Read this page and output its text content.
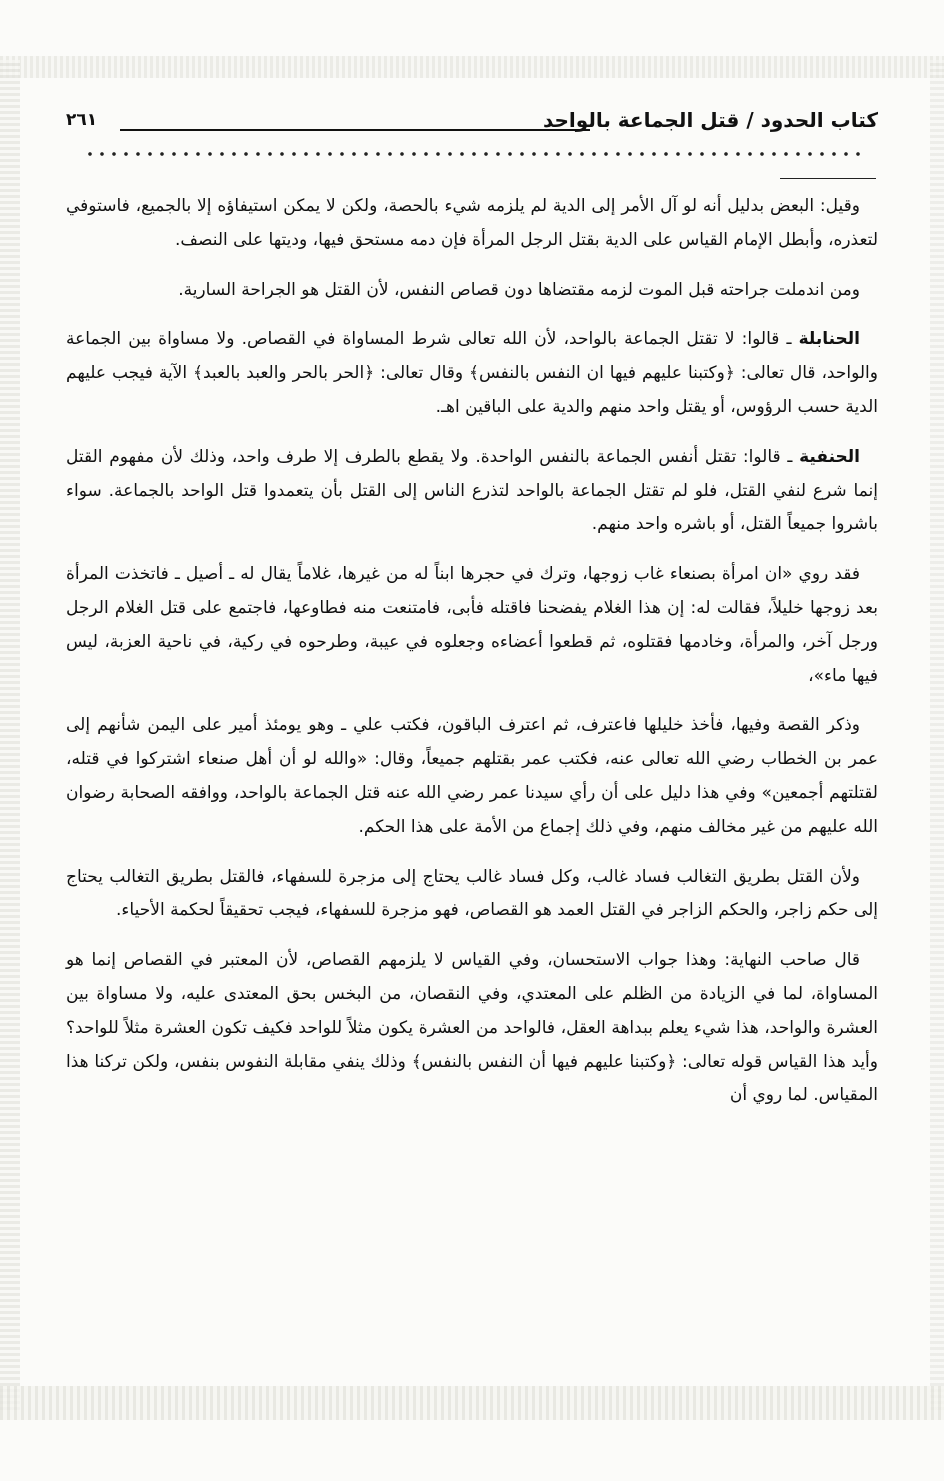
كتاب الحدود / قتل الجماعة بالواحد
٢٦١

وقيل: البعض بدليل أنه لو آل الأمر إلى الدية لم يلزمه شيء بالحصة، ولكن لا يمكن استيفاؤه إلا بالجميع، فاستوفي لتعذره، وأبطل الإمام القياس على الدية بقتل الرجل المرأة فإن دمه مستحق فيها، وديتها على النصف.

ومن اندملت جراحته قبل الموت لزمه مقتضاها دون قصاص النفس، لأن القتل هو الجراحة السارية.

الحنابلة ـ قالوا: لا تقتل الجماعة بالواحد، لأن الله تعالى شرط المساواة في القصاص. ولا مساواة بين الجماعة والواحد، قال تعالى: ﴿وكتبنا عليهم فيها ان النفس بالنفس﴾ وقال تعالى: ﴿الحر بالحر والعبد بالعبد﴾ الآية فيجب عليهم الدية حسب الرؤوس، أو يقتل واحد منهم والدية على الباقين اهـ.

الحنفية ـ قالوا: تقتل أنفس الجماعة بالنفس الواحدة. ولا يقطع بالطرف إلا طرف واحد، وذلك لأن مفهوم القتل إنما شرع لنفي القتل، فلو لم تقتل الجماعة بالواحد لتذرع الناس إلى القتل بأن يتعمدوا قتل الواحد بالجماعة. سواء باشروا جميعاً القتل، أو باشره واحد منهم.

فقد روي «ان امرأة بصنعاء غاب زوجها، وترك في حجرها ابناً له من غيرها، غلاماً يقال له ـ أصيل ـ فاتخذت المرأة بعد زوجها خليلاً، فقالت له: إن هذا الغلام يفضحنا فاقتله فأبى، فامتنعت منه فطاوعها، فاجتمع على قتل الغلام الرجل ورجل آخر، والمرأة، وخادمها فقتلوه، ثم قطعوا أعضاءه وجعلوه في عيبة، وطرحوه في ركية، في ناحية العزبة، ليس فيها ماء»،

وذكر القصة وفيها، فأخذ خليلها فاعترف، ثم اعترف الباقون، فكتب علي ـ وهو يومئذ أمير على اليمن شأنهم إلى عمر بن الخطاب رضي الله تعالى عنه، فكتب عمر بقتلهم جميعاً، وقال: «والله لو أن أهل صنعاء اشتركوا في قتله، لقتلتهم أجمعين» وفي هذا دليل على أن رأي سيدنا عمر رضي الله عنه قتل الجماعة بالواحد، ووافقه الصحابة رضوان الله عليهم من غير مخالف منهم، وفي ذلك إجماع من الأمة على هذا الحكم.

ولأن القتل بطريق التغالب فساد غالب، وكل فساد غالب يحتاج إلى مزجرة للسفهاء، فالقتل بطريق التغالب يحتاج إلى حكم زاجر، والحكم الزاجر في القتل العمد هو القصاص، فهو مزجرة للسفهاء، فيجب تحقيقاً لحكمة الأحياء.

قال صاحب النهاية: وهذا جواب الاستحسان، وفي القياس لا يلزمهم القصاص، لأن المعتبر في القصاص إنما هو المساواة، لما في الزيادة من الظلم على المعتدي، وفي النقصان، من البخس بحق المعتدى عليه، ولا مساواة بين العشرة والواحد، هذا شيء يعلم ببداهة العقل، فالواحد من العشرة يكون مثلاً للواحد فكيف تكون العشرة مثلاً للواحد؟ وأيد هذا القياس قوله تعالى: ﴿وكتبنا عليهم فيها أن النفس بالنفس﴾ وذلك ينفي مقابلة النفوس بنفس، ولكن تركنا هذا المقياس. لما روي أن
